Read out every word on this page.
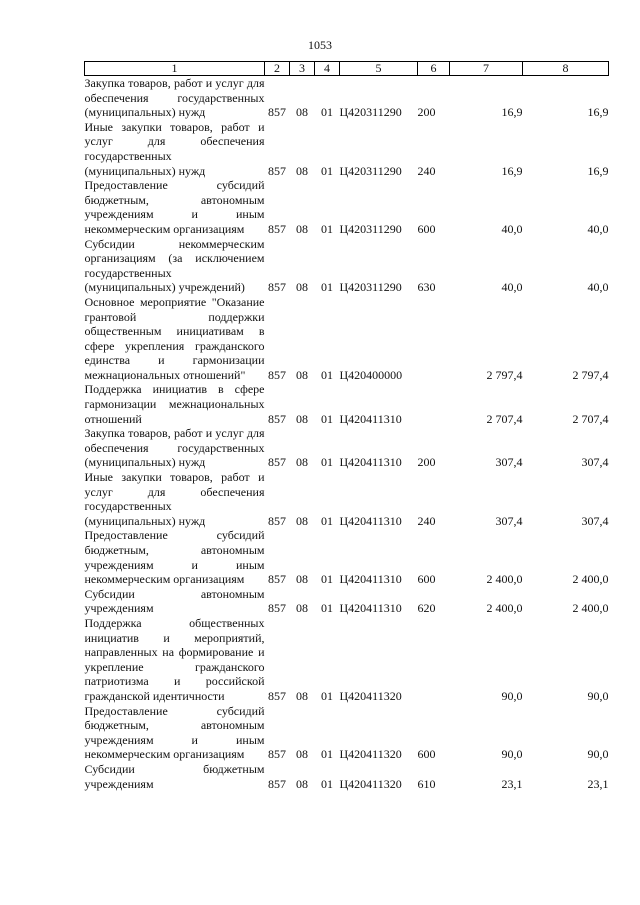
1053
1	2	3	4	5	6	7	8
Закупка товаров, работ и услуг для обеспечения государственных (муниципальных) нужд	857	08	01	Ц420311290	200	16,9	16,9
Иные закупки товаров, работ и услуг для обеспечения государственных (муниципальных) нужд	857	08	01	Ц420311290	240	16,9	16,9
Предоставление субсидий бюджетным, автономным учреждениям и иным некоммерческим организациям	857	08	01	Ц420311290	600	40,0	40,0
Субсидии некоммерческим организациям (за исключением государственных (муниципальных) учреждений)	857	08	01	Ц420311290	630	40,0	40,0
Основное мероприятие "Оказание грантовой поддержки общественным инициативам в сфере укрепления гражданского единства и гармонизации межнациональных отношений"	857	08	01	Ц420400000		2 797,4	2 797,4
Поддержка инициатив в сфере гармонизации межнациональных отношений	857	08	01	Ц420411310		2 707,4	2 707,4
Закупка товаров, работ и услуг для обеспечения государственных (муниципальных) нужд	857	08	01	Ц420411310	200	307,4	307,4
Иные закупки товаров, работ и услуг для обеспечения государственных (муниципальных) нужд	857	08	01	Ц420411310	240	307,4	307,4
Предоставление субсидий бюджетным, автономным учреждениям и иным некоммерческим организациям	857	08	01	Ц420411310	600	2 400,0	2 400,0
Субсидии автономным учреждениям	857	08	01	Ц420411310	620	2 400,0	2 400,0
Поддержка общественных инициатив и мероприятий, направленных на формирование и укрепление гражданского патриотизма и российской гражданской идентичности	857	08	01	Ц420411320		90,0	90,0
Предоставление субсидий бюджетным, автономным учреждениям и иным некоммерческим организациям	857	08	01	Ц420411320	600	90,0	90,0
Субсидии бюджетным учреждениям	857	08	01	Ц420411320	610	23,1	23,1
